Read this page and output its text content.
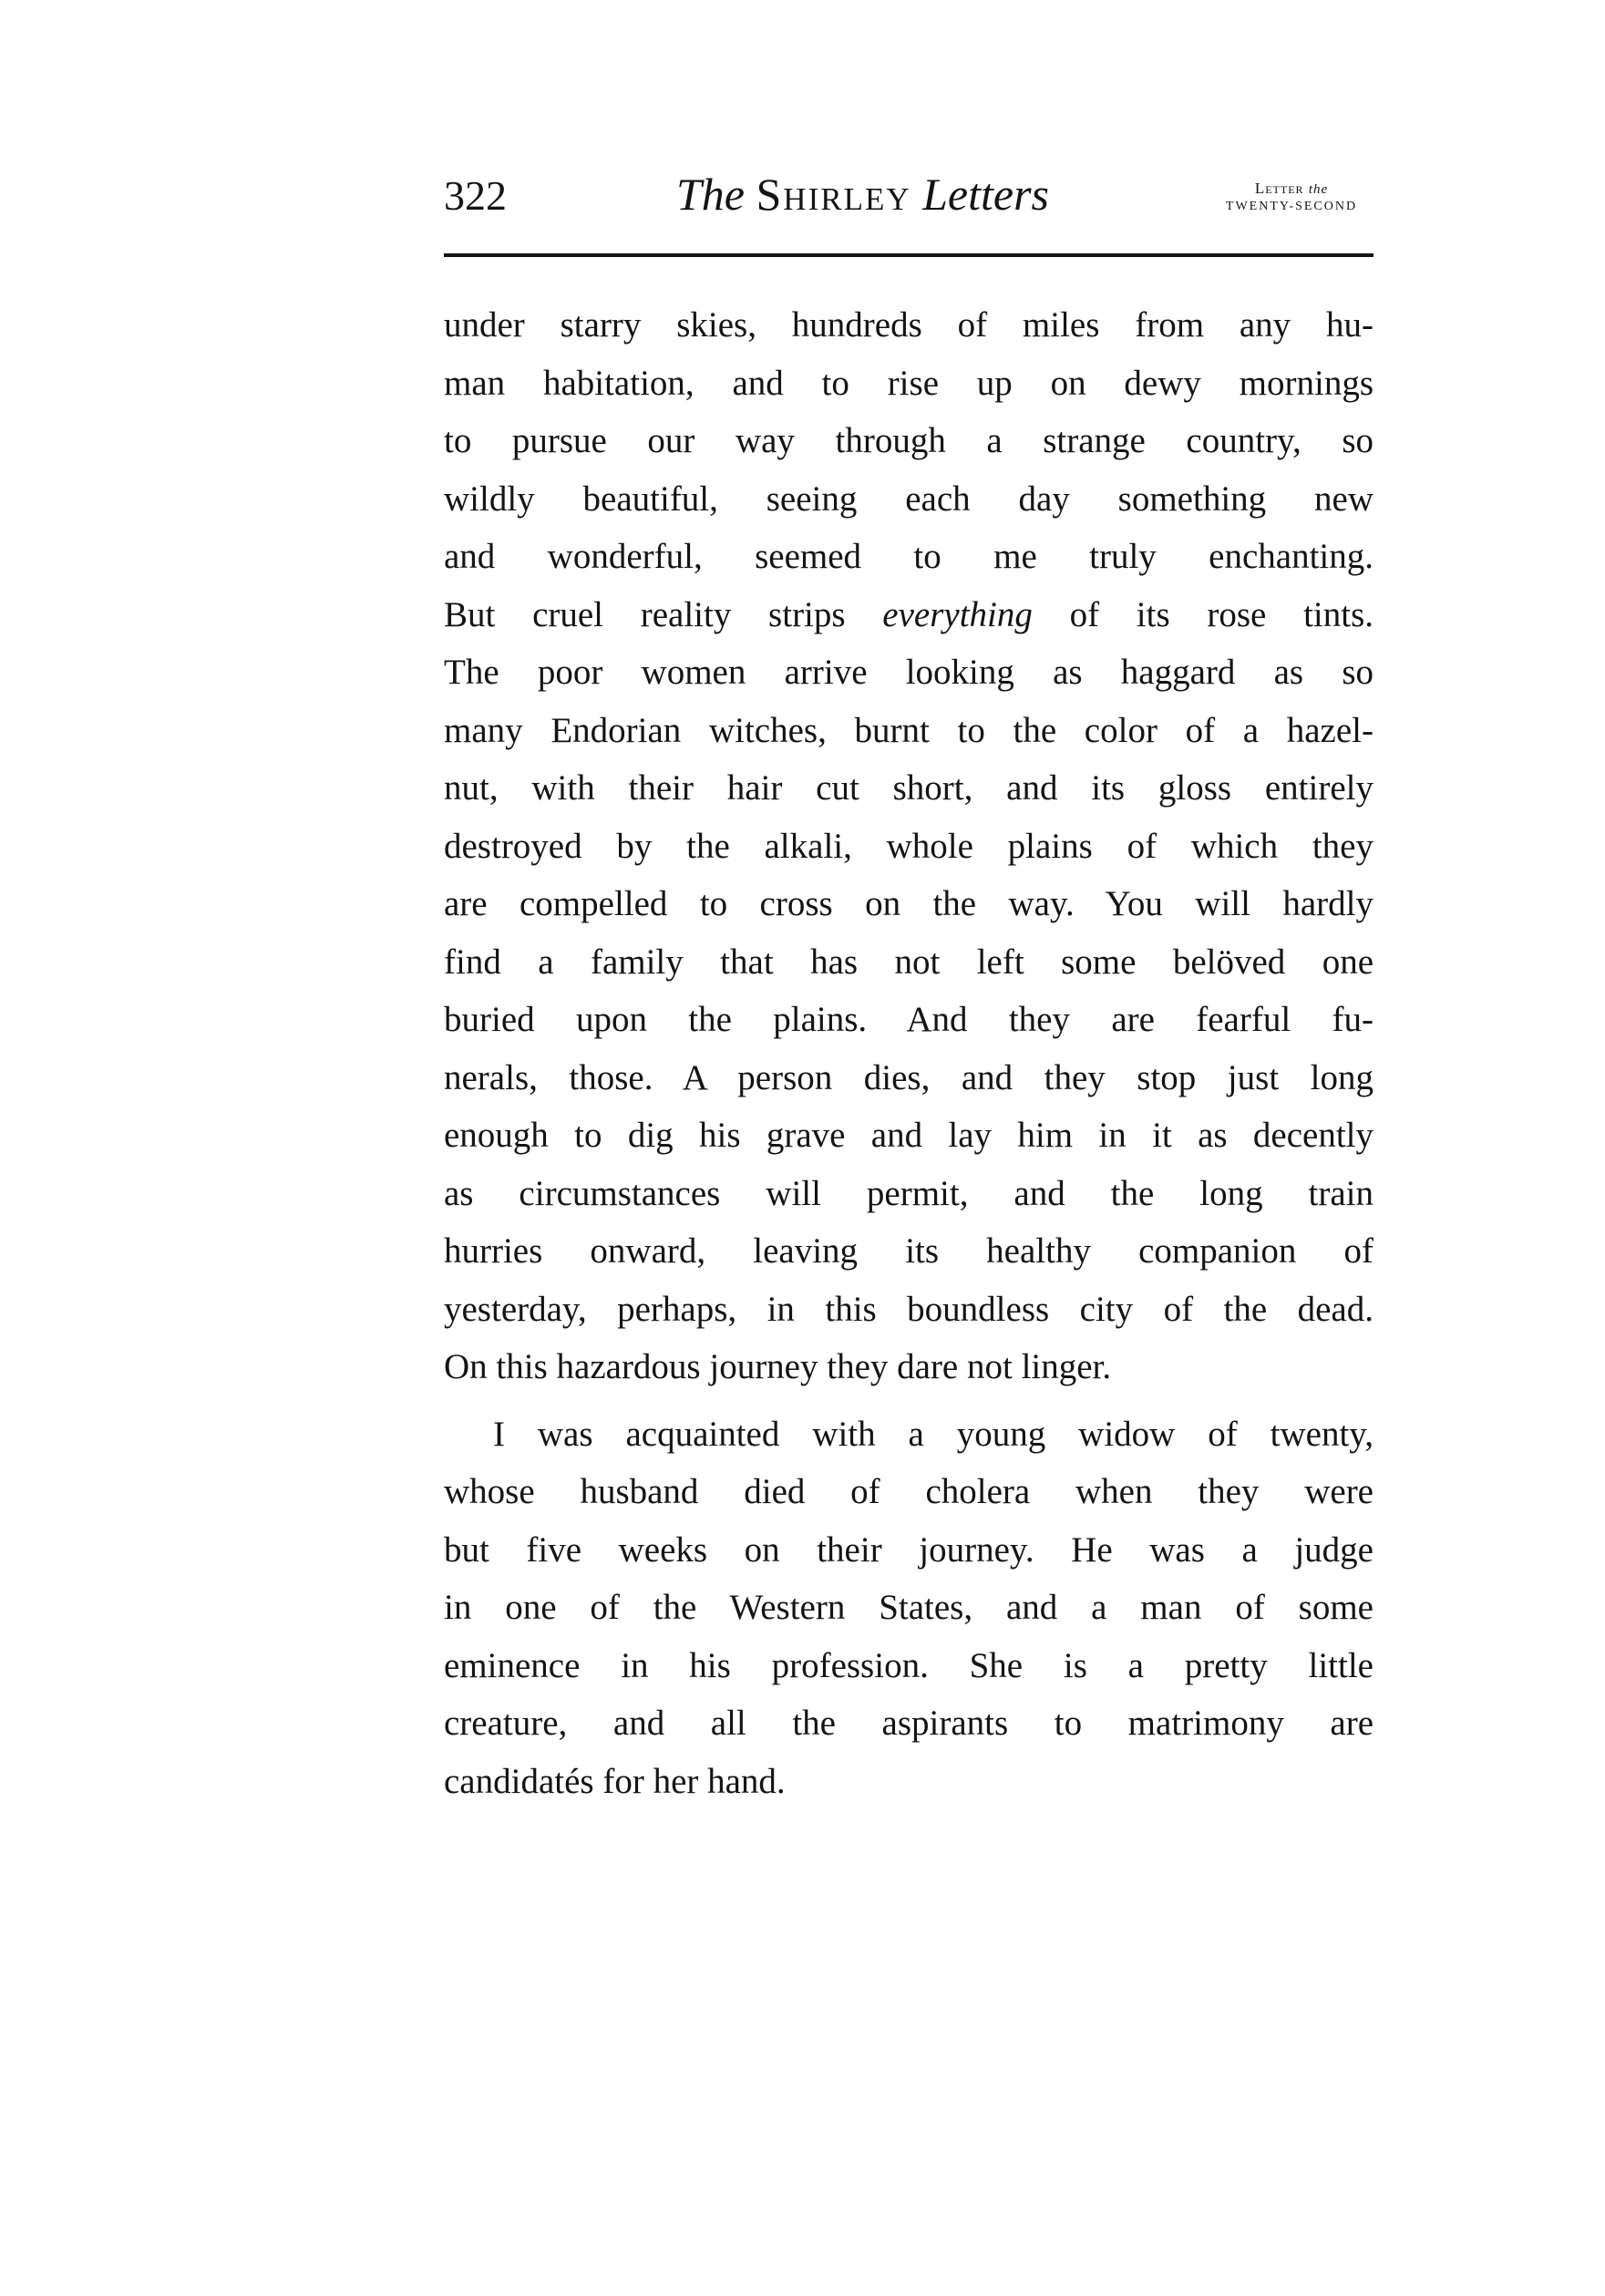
322	The Shirley Letters	Letter the
TWENTY-SECOND
under starry skies, hundreds of miles from any hu-
man habitation, and to rise up on dewy mornings
to pursue our way through a strange country, so
wildly beautiful, seeing each day something new
and wonderful, seemed to me truly enchanting.
But cruel reality strips everything of its rose tints.
The poor women arrive looking as haggard as so
many Endorian witches, burnt to the color of a hazel-
nut, with their hair cut short, and its gloss entirely
destroyed by the alkali, whole plains of which they
are compelled to cross on the way. You will hardly
find a family that has not left some belöved one
buried upon the plains. And they are fearful fu-
nerals, those. A person dies, and they stop just long
enough to dig his grave and lay him in it as decently
as circumstances will permit, and the long train
hurries onward, leaving its healthy companion of
yesterday, perhaps, in this boundless city of the dead.
On this hazardous journey they dare not linger.
I was acquainted with a young widow of twenty,
whose husband died of cholera when they were
but five weeks on their journey. He was a judge
in one of the Western States, and a man of some
eminence in his profession. She is a pretty little
creature, and all the aspirants to matrimony are
candidatés for her hand.
